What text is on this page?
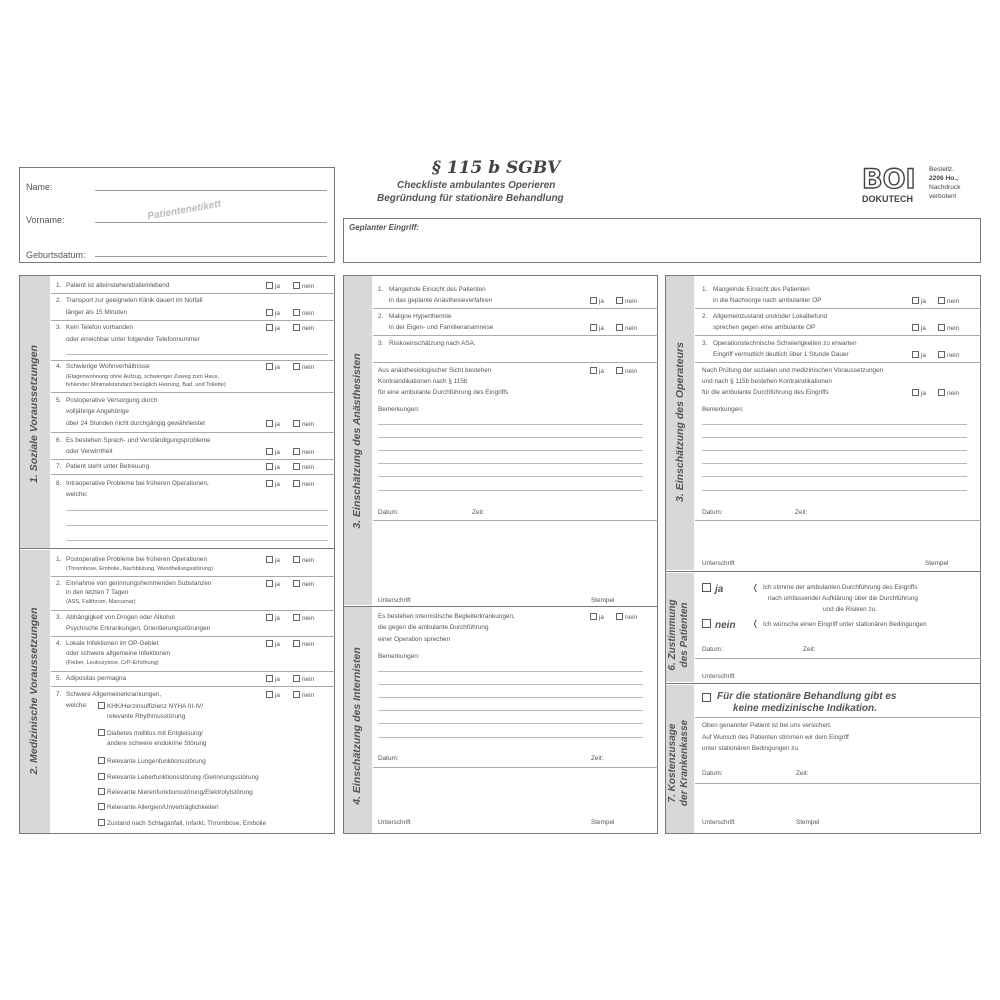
Name:
Vorname:
Geburtsdatum:
Patientenetikett
§ 115 b SGBV
Checkliste ambulantes Operieren
Begründung für stationäre Behandlung
BOI
DOKUTECH
Bestellz.
2206 Ho.,
Nachdruck
verboten!
Geplanter Eingriff:
1. Soziale Voraussetzungen
2. Medizinische Voraussetzungen
1. Patient ist alleinstehend/alleinlebend	ja	nein
2. Transport zur geeigneten Klinik dauert im Notfall
länger als 15 Minuten	ja	nein
3. Kein Telefon vorhanden
oder erreichbar unter folgender Telefonnummer
ja	nein
4. Schwierige Wohnverhältnisse
(Etagenwohnung ohne Aufzug, schwieriger Zuweg zum Haus,
fehlender Minimalstandard bezüglich Heizung, Bad, und Toilette)
ja	nein
5. Postoperative Versorgung durch
volljährige Angehörige
über 24 Stunden nicht durchgängig gewährleistet	ja	nein
6. Es bestehen Sprach- und Verständigungsprobleme
oder Verwirrtheit	ja	nein
7. Patient steht unter Betreuung	ja	nein
8. Intraoperative Probleme bei früheren Operationen,
welche:
ja	nein
1. Postoperative Probleme bei früheren Operationen
(Thrombose, Embolie, Nachblutung, Wundheilungsstörung)
ja	nein
2. Einnahme von gerinnungshemmenden Substanzen
in den letzten 7 Tagen
(ASS, Falithrom, Marcumar)
ja	nein
3. Abhängigkeit von Drogen oder Alkohol
Psychische Erkrankungen, Orientierungsstörungen
ja	nein
4. Lokale Infektionen im OP-Gebiet
oder schwere allgemeine Infektionen
(Fieber, Leukozytose, CrP-Erhöhung)
ja	nein
5. Adipositas permagna	ja	nein
7. Schwere Allgemeinerkrankungen,
welche:
ja	nein
KHK/Herzinsuffizienz NYHA III-IV/
relevante Rhythmusstörung
Diabetes mellitus mit Entgleisung/
andere schwere endokrine Störung
Relevante Lungenfunktionsstörung
Relevante Leberfunktionsstörung /Gerinnungsstörung
Relevante Nierenfunktionsstörung/Elektrolytstörung
Relevante Allergien/Unverträglichkeiten
Zustand nach Schlaganfall, Infarkt, Thrombose, Embolie
3. Einschätzung des Anästhesisten
4. Einschätzung des Internisten
1. Mangelnde Einsicht des Patienten
in das geplante Anästhesieverfahren	ja	nein
2. Maligne Hyperthermie
in der Eigen- und Familienanamnese	ja	nein
3. Risikoeinschätzung nach ASA:
Aus anästhesiologischer Sicht bestehen
Kontraindikationen nach § 115b
für eine ambulante Durchführung des Eingriffs
ja	nein
Bemerkungen:
Datum:	Zeit:
Unterschrift	Stempel
Es bestehen internistische Begleiterkrankungen,
die gegen die ambulante Durchführung
einer Operation sprechen
ja	nein
Bemerkungen:
Datum:	Zeit:
Unterschrift	Stempel
3. Einschätzung des Operateurs
6. Zustimmung des Patienten
7. Kostenzusage der Krankenkasse
1. Mangelnde Einsicht des Patienten
in die Nachsorge nach ambulanter OP	ja	nein
2. Allgemeinzustand und/oder Lokalbefund
sprechen gegen eine ambulante OP	ja	nein
3. Operationstechnische Schwierigkeiten zu erwarten
Eingriff vermutlich deutlich über 1 Stunde Dauer	ja	nein
Nach Prüfung der sozialen und medizinischen Voraussetzungen
und nach § 115b bestehen Kontraindikationen
für die ambulante Durchführung des Eingriffs	ja	nein
Bemerkungen:
Datum:	Zeit:
Unterschrift	Stempel
ja	❬ Ich stimme der ambulanten Durchführung des Eingriffs
nach umfassender Aufklärung über die Durchführung
und die Risiken zu.
nein ❬ Ich wünsche einen Eingriff unter stationären Bedingungen
Datum:	Zeit:
Unterschrift
Für die stationäre Behandlung gibt es
keine medizinische Indikation.
Oben genannter Patient ist bei uns versichert.
Auf Wunsch des Patienten stimmen wir dem Eingriff
unter stationären Bedingungen zu.
Datum:	Zeit:
Unterschrift	Stempel
